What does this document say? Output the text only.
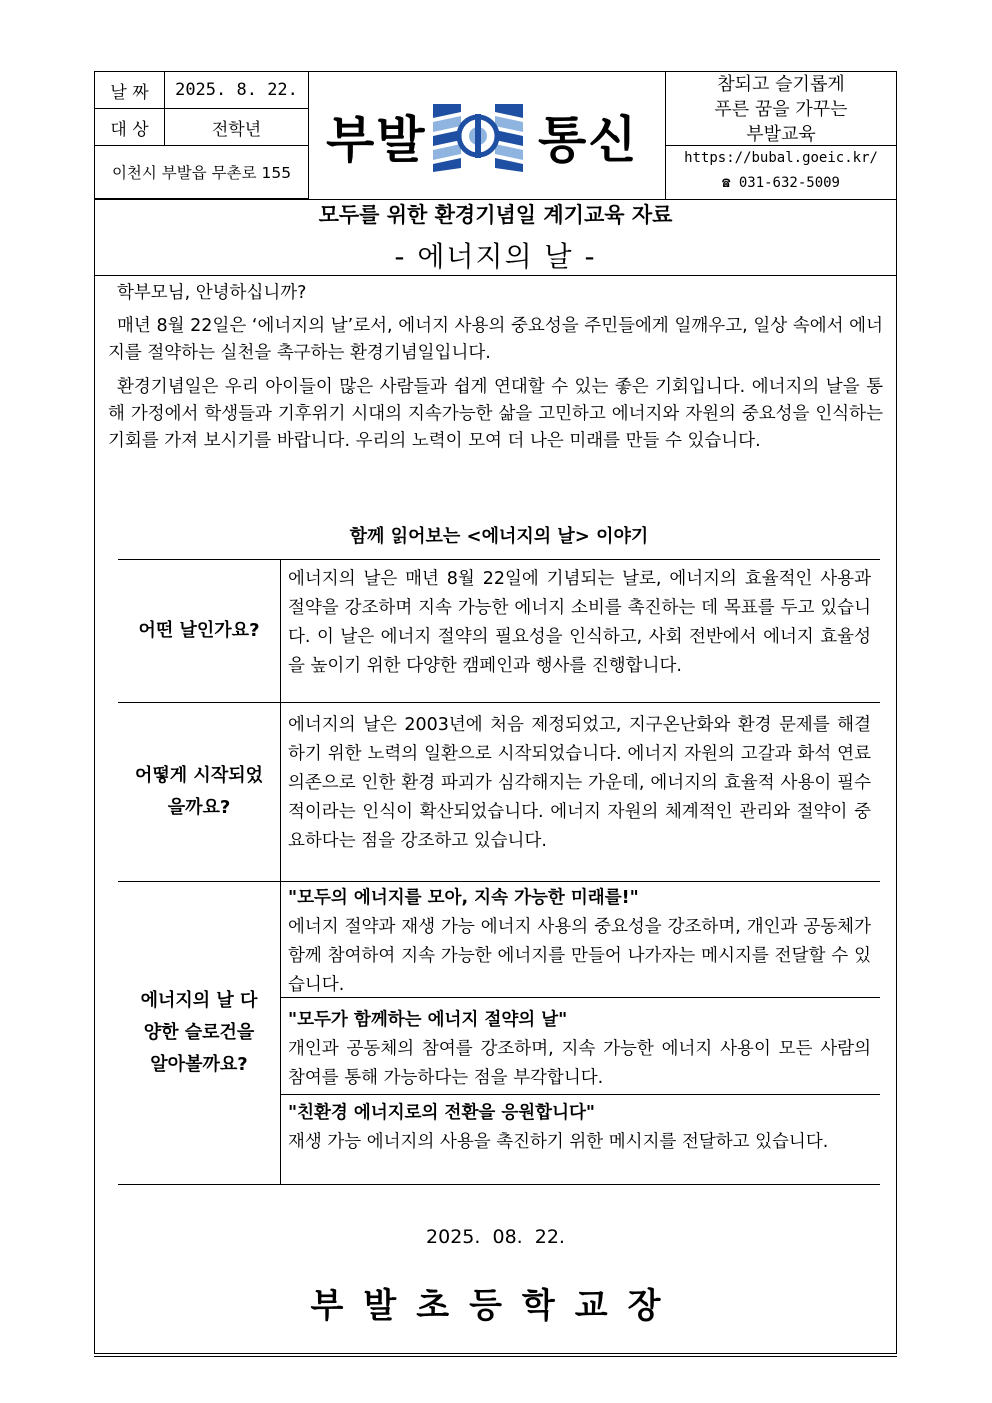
날 짜	2025. 8. 22.
대 상	전학년
이천시 부발읍 무촌로 155
부발 통신
참되고 슬기롭게
푸른 꿈을 가꾸는
부발교육
https://bubal.goeic.kr/
☎ 031-632-5009
모두를 위한 환경기념일 계기교육 자료
- 에너지의 날 -
학부모님, 안녕하십니까?
매년 8월 22일은 ‘에너지의 날’로서, 에너지 사용의 중요성을 주민들에게 일깨우고, 일상 속에서 에너지를 절약하는 실천을 촉구하는 환경기념일입니다.
환경기념일은 우리 아이들이 많은 사람들과 쉽게 연대할 수 있는 좋은 기회입니다. 에너지의 날을 통해 가정에서 학생들과 기후위기 시대의 지속가능한 삶을 고민하고 에너지와 자원의 중요성을 인식하는 기회를 가져 보시기를 바랍니다. 우리의 노력이 모여 더 나은 미래를 만들 수 있습니다.
함께 읽어보는 <에너지의 날> 이야기
어떤 날인가요?
에너지의 날은 매년 8월 22일에 기념되는 날로, 에너지의 효율적인 사용과 절약을 강조하며 지속 가능한 에너지 소비를 촉진하는 데 목표를 두고 있습니다. 이 날은 에너지 절약의 필요성을 인식하고, 사회 전반에서 에너지 효율성을 높이기 위한 다양한 캠페인과 행사를 진행합니다.
어떻게 시작되었을까요?
에너지의 날은 2003년에 처음 제정되었고, 지구온난화와 환경 문제를 해결하기 위한 노력의 일환으로 시작되었습니다. 에너지 자원의 고갈과 화석 연료 의존으로 인한 환경 파괴가 심각해지는 가운데, 에너지의 효율적 사용이 필수적이라는 인식이 확산되었습니다. 에너지 자원의 체계적인 관리와 절약이 중요하다는 점을 강조하고 있습니다.
에너지의 날 다양한 슬로건을 알아볼까요?
"모두의 에너지를 모아, 지속 가능한 미래를!"
에너지 절약과 재생 가능 에너지 사용의 중요성을 강조하며, 개인과 공동체가 함께 참여하여 지속 가능한 에너지를 만들어 나가자는 메시지를 전달할 수 있습니다.
"모두가 함께하는 에너지 절약의 날"
개인과 공동체의 참여를 강조하며, 지속 가능한 에너지 사용이 모든 사람의 참여를 통해 가능하다는 점을 부각합니다.
"친환경 에너지로의 전환을 응원합니다"
재생 가능 에너지의 사용을 촉진하기 위한 메시지를 전달하고 있습니다.
2025. 08. 22.
부발초등학교장
